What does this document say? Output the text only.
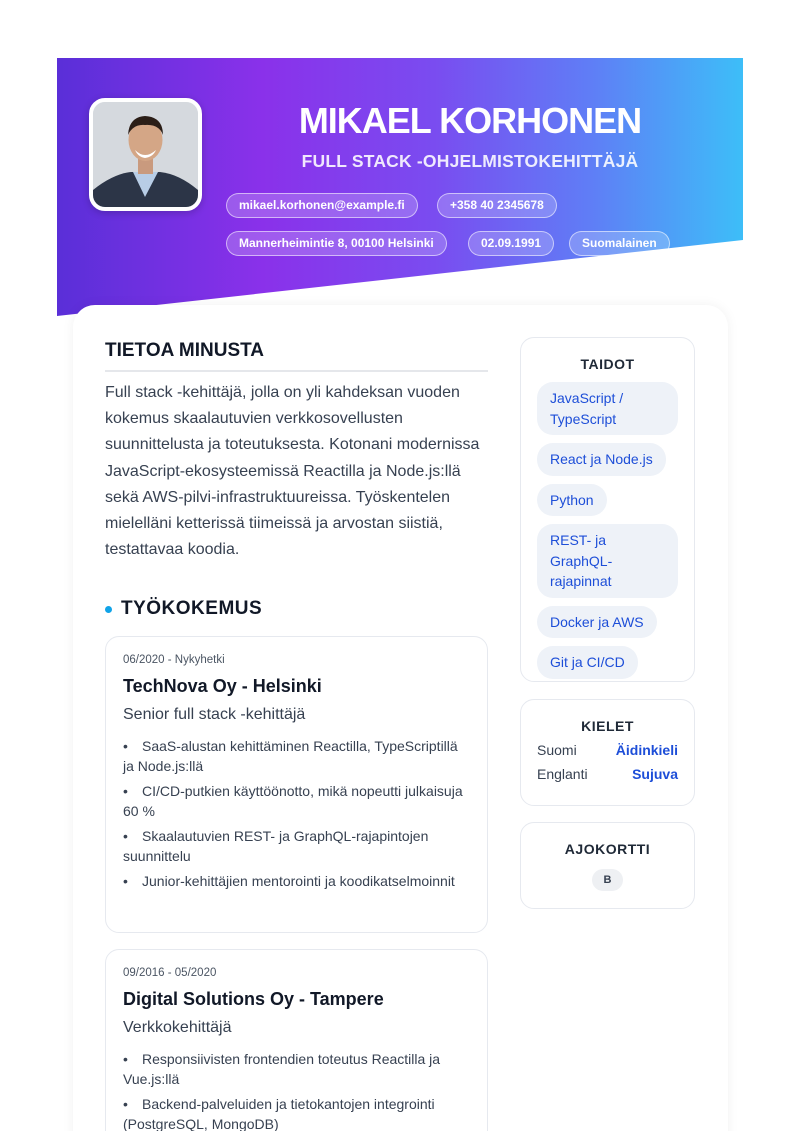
MIKAEL KORHONEN
FULL STACK -OHJELMISTOKEHITTÄJÄ
mikael.korhonen@example.fi	+358 40 2345678
Mannerheimintie 8, 00100 Helsinki	02.09.1991	Suomalainen
TIETOA MINUSTA
Full stack -kehittäjä, jolla on yli kahdeksan vuoden kokemus skaalautuvien verkkosovellusten suunnittelusta ja toteutuksesta. Kotonani modernissa JavaScript-ekosysteemissä Reactilla ja Node.js:llä sekä AWS-pilvi-infrastruktuureissa. Työskentelen mielelläni ketterissä tiimeissä ja arvostan siistiä, testattavaa koodia.
TYÖKOKEMUS
06/2020 - Nykyhetki
TechNova Oy - Helsinki
Senior full stack -kehittäjä
• SaaS-alustan kehittäminen Reactilla, TypeScriptillä ja Node.js:llä
• CI/CD-putkien käyttöönotto, mikä nopeutti julkaisuja 60 %
• Skaalautuvien REST- ja GraphQL-rajapintojen suunnittelu
• Junior-kehittäjien mentorointi ja koodikatselmoinnit
09/2016 - 05/2020
Digital Solutions Oy - Tampere
Verkkokehittäjä
• Responsiivisten frontendien toteutus Reactilla ja Vue.js:llä
• Backend-palveluiden ja tietokantojen integrointi (PostgreSQL, MongoDB)
TAIDOT
JavaScript / TypeScript
React ja Node.js
Python
REST- ja GraphQL-rajapinnat
Docker ja AWS
Git ja CI/CD
KIELET
Suomi	Äidinkieli
Englanti	Sujuva
AJOKORTTI
B
